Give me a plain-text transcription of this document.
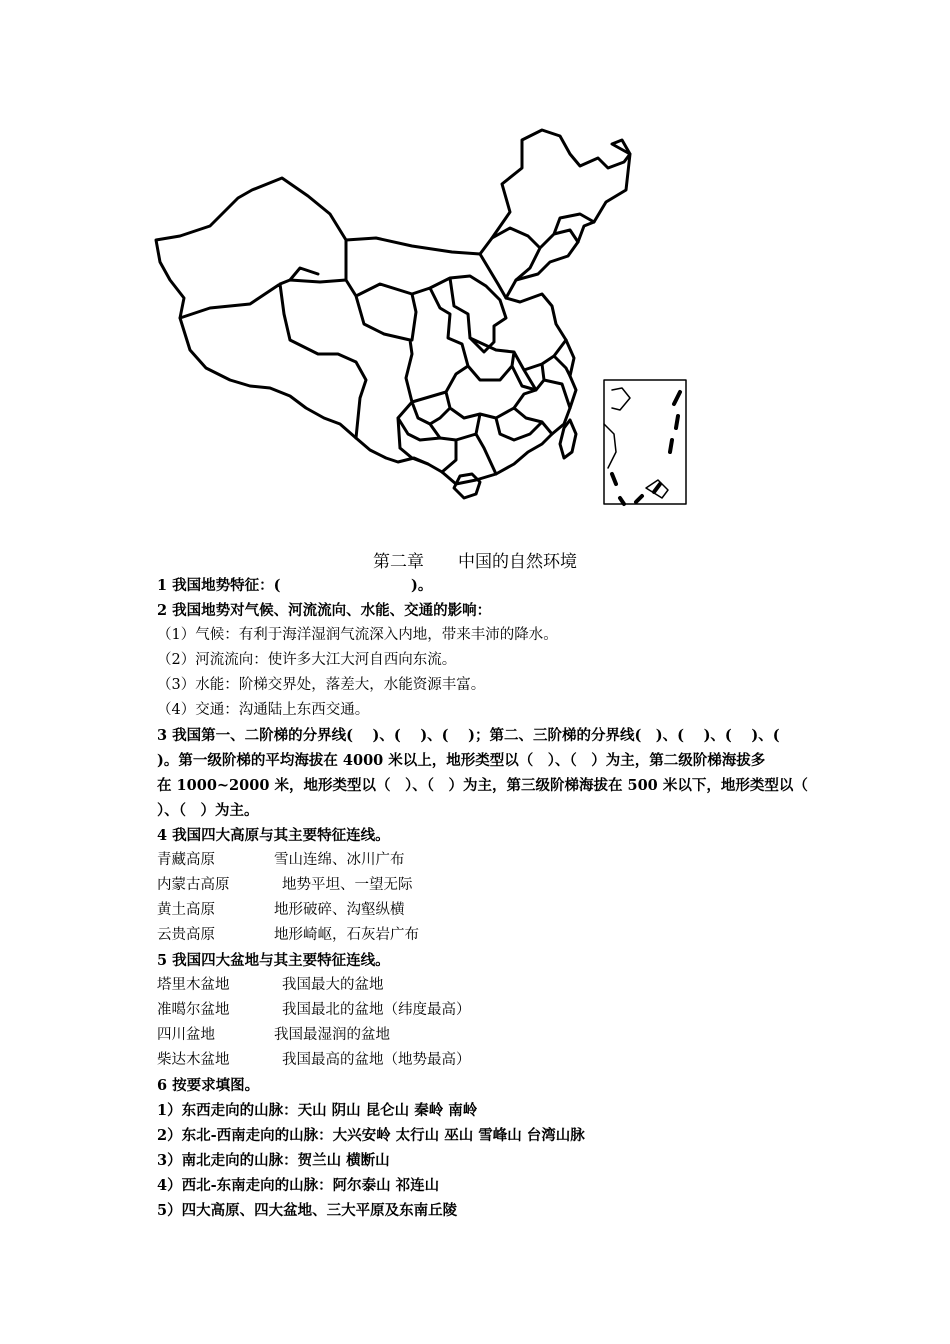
第二章 中国的自然环境
1 我国地势特征：(　　　　　　　　　)。
2 我国地势对气候、河流流向、水能、交通的影响：
（1）气候：有利于海洋湿润气流深入内地，带来丰沛的降水。
（2）河流流向：使许多大江大河自西向东流。
（3）水能：阶梯交界处，落差大，水能资源丰富。
（4）交通：沟通陆上东西交通。
3 我国第一、二阶梯的分界线(　 )、(　 )、(　 )；第二、三阶梯的分界线(　)、(　 )、(　 )、(
)。第一级阶梯的平均海拔在 4000 米以上，地形类型以（　）、（　）为主，第二级阶梯海拔多
在 1000~2000 米，地形类型以（　）、（　）为主，第三级阶梯海拔在 500 米以下，地形类型以（
）、（　）为主。
4 我国四大高原与其主要特征连线。
青藏高原	雪山连绵、冰川广布
内蒙古高原	地势平坦、一望无际
黄土高原	地形破碎、沟壑纵横
云贵高原	地形崎岖，石灰岩广布
5 我国四大盆地与其主要特征连线。
塔里木盆地	我国最大的盆地
准噶尔盆地	我国最北的盆地（纬度最高）
四川盆地	我国最湿润的盆地
柴达木盆地	我国最高的盆地（地势最高）
6 按要求填图。
1）东西走向的山脉：天山 阴山 昆仑山 秦岭 南岭
2）东北-西南走向的山脉：大兴安岭 太行山 巫山 雪峰山 台湾山脉
3）南北走向的山脉：贺兰山 横断山
4）西北-东南走向的山脉：阿尔泰山 祁连山
5）四大高原、四大盆地、三大平原及东南丘陵
